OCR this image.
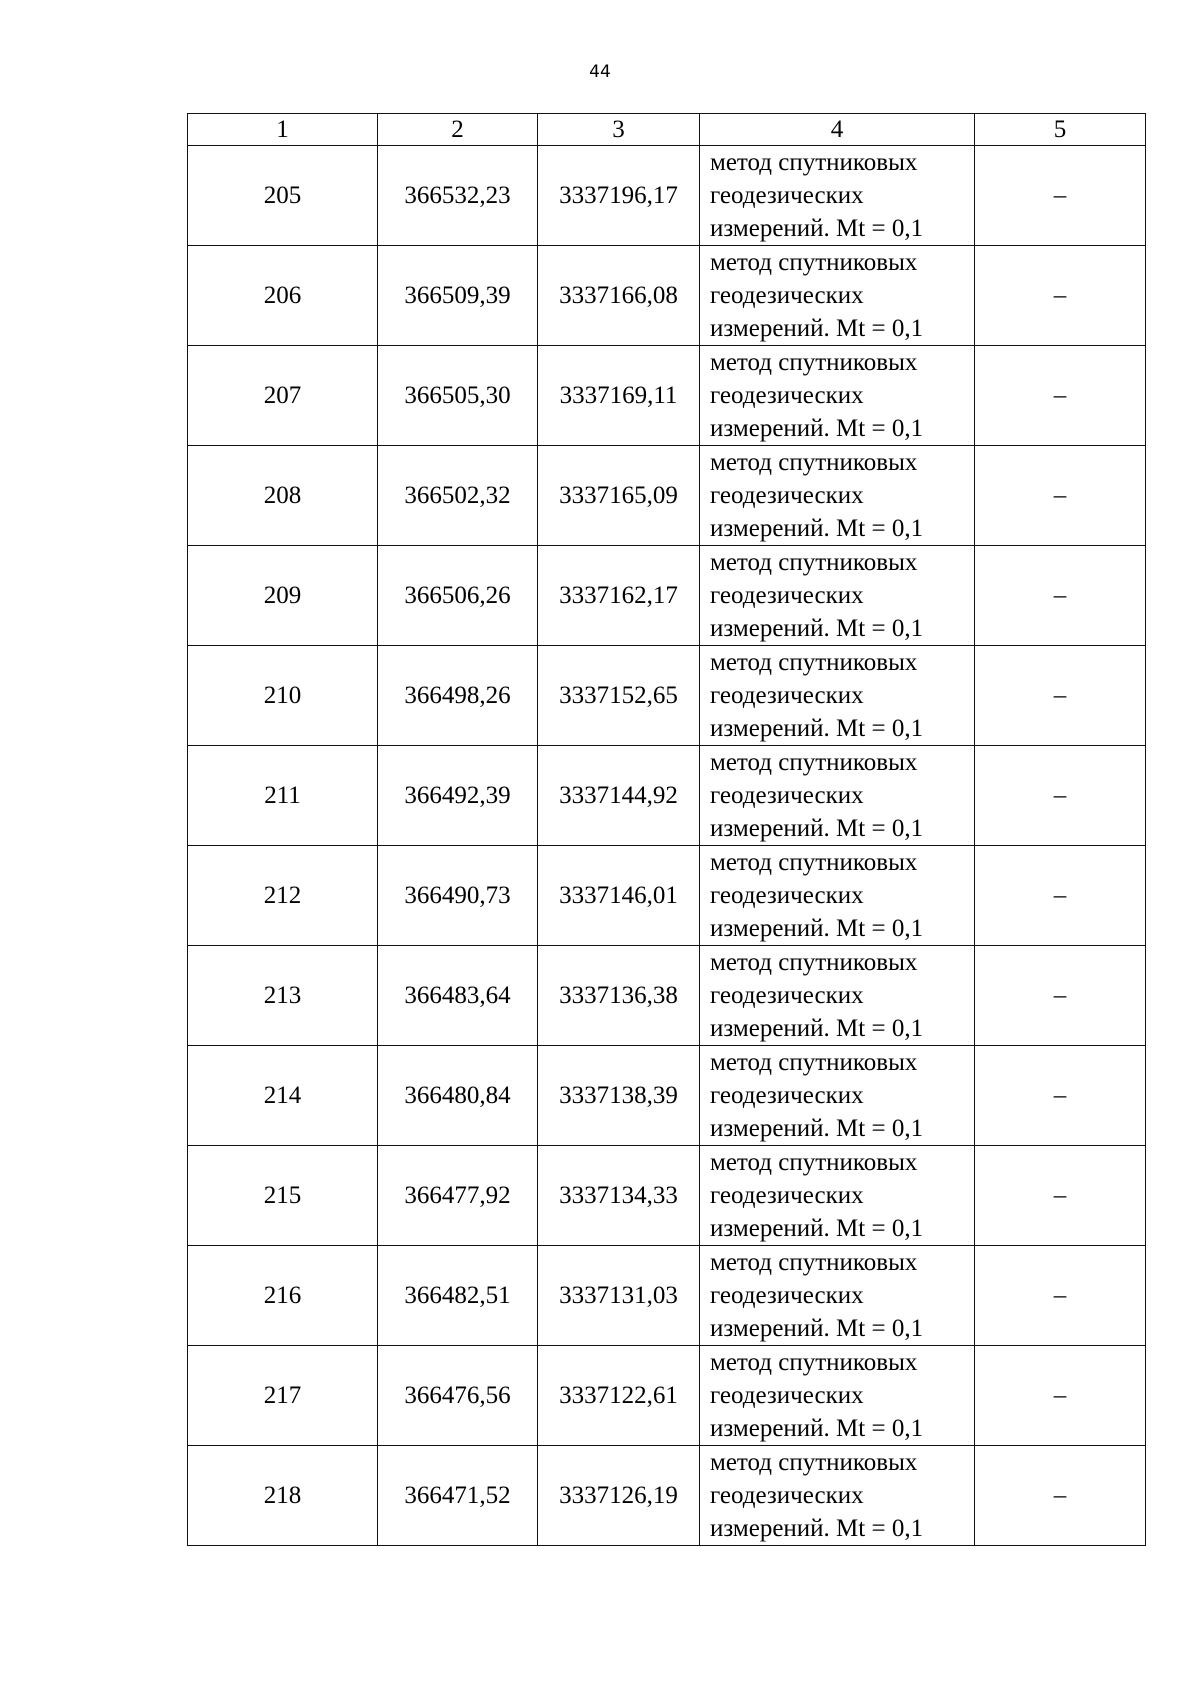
44
1	2	3	4	5
205	366532,23	3337196,17	метод спутниковых
геодезических
измерений. Mt = 0,1	–
206	366509,39	3337166,08	метод спутниковых
геодезических
измерений. Mt = 0,1	–
207	366505,30	3337169,11	метод спутниковых
геодезических
измерений. Mt = 0,1	–
208	366502,32	3337165,09	метод спутниковых
геодезических
измерений. Mt = 0,1	–
209	366506,26	3337162,17	метод спутниковых
геодезических
измерений. Mt = 0,1	–
210	366498,26	3337152,65	метод спутниковых
геодезических
измерений. Mt = 0,1	–
211	366492,39	3337144,92	метод спутниковых
геодезических
измерений. Mt = 0,1	–
212	366490,73	3337146,01	метод спутниковых
геодезических
измерений. Mt = 0,1	–
213	366483,64	3337136,38	метод спутниковых
геодезических
измерений. Mt = 0,1	–
214	366480,84	3337138,39	метод спутниковых
геодезических
измерений. Mt = 0,1	–
215	366477,92	3337134,33	метод спутниковых
геодезических
измерений. Mt = 0,1	–
216	366482,51	3337131,03	метод спутниковых
геодезических
измерений. Mt = 0,1	–
217	366476,56	3337122,61	метод спутниковых
геодезических
измерений. Mt = 0,1	–
218	366471,52	3337126,19	метод спутниковых
геодезических
измерений. Mt = 0,1	–
